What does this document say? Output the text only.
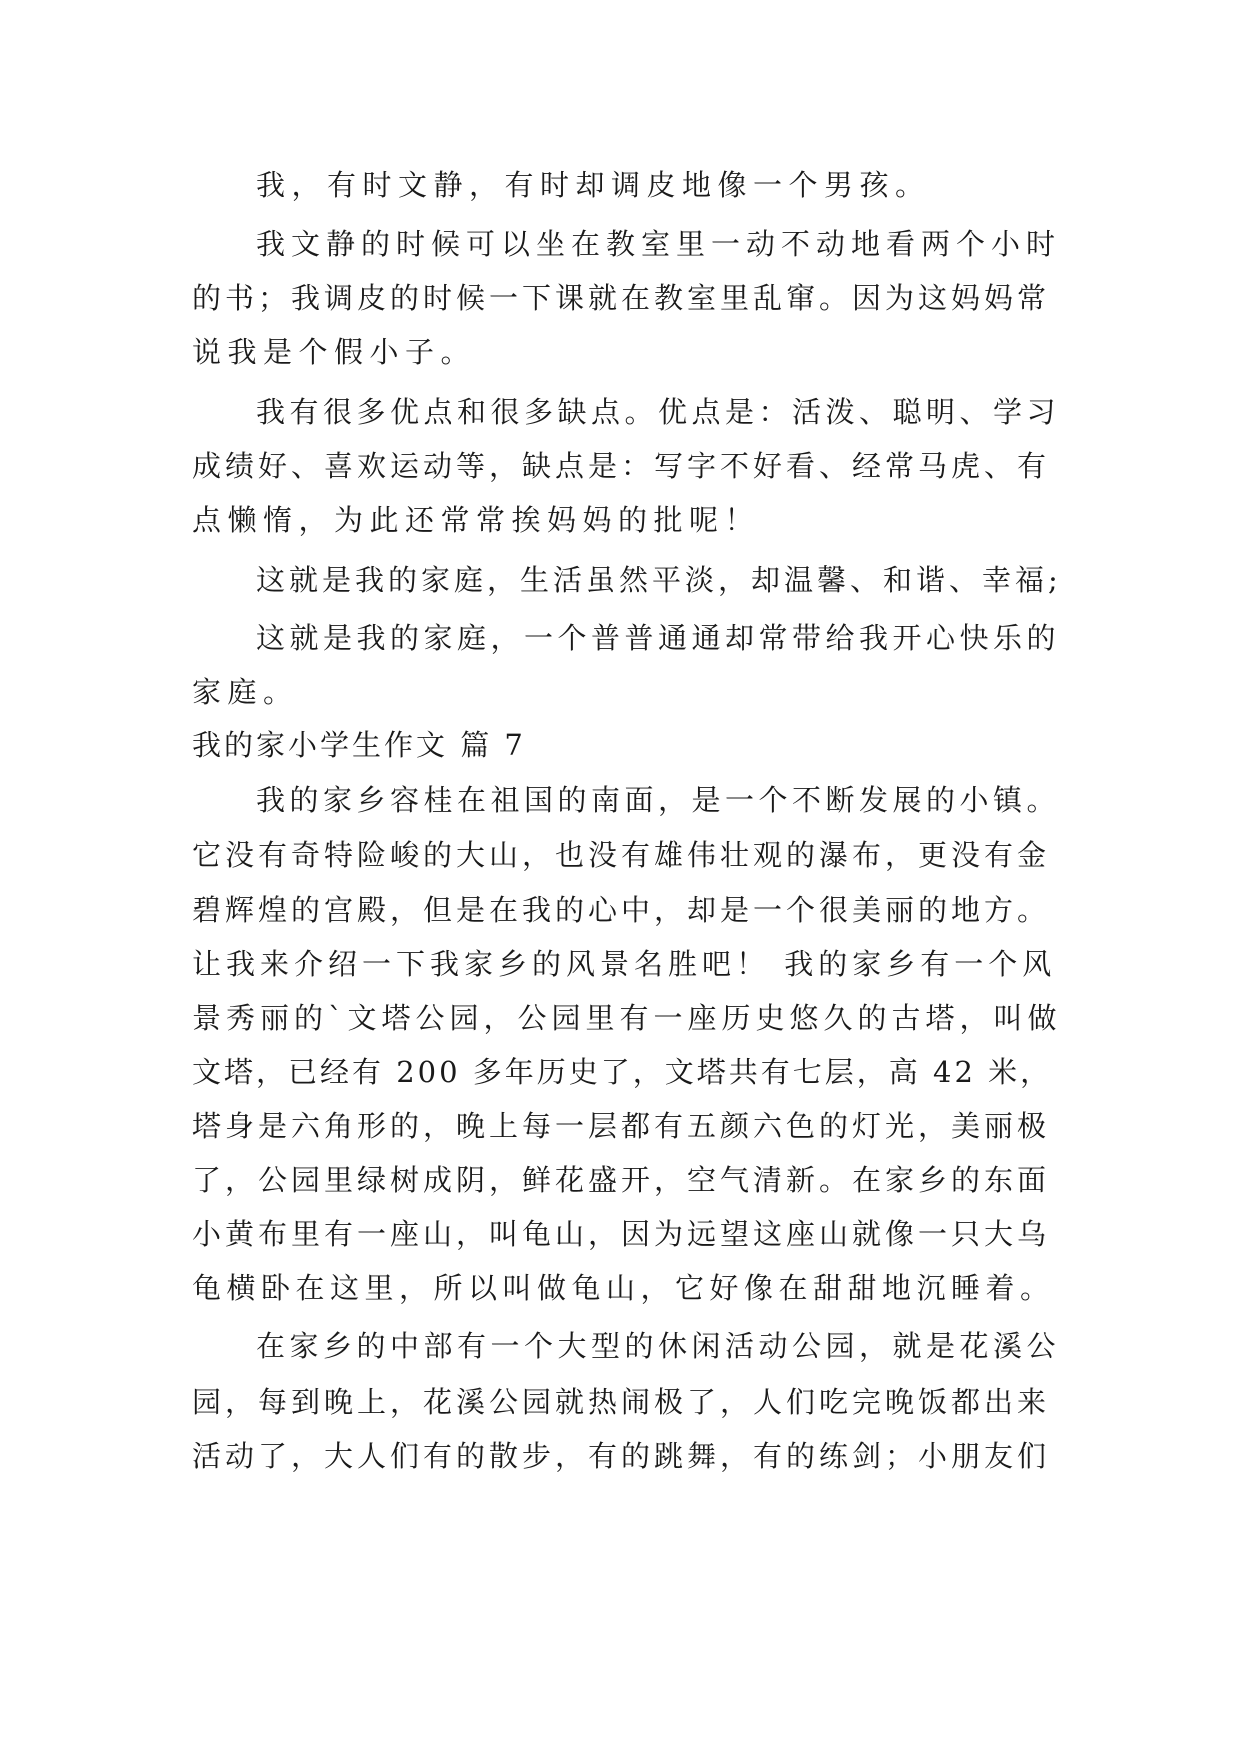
我，有时文静，有时却调皮地像一个男孩。
我文静的时候可以坐在教室里一动不动地看两个小时
的书；我调皮的时候一下课就在教室里乱窜。因为这妈妈常
说我是个假小子。
我有很多优点和很多缺点。优点是：活泼、聪明、学习
成绩好、喜欢运动等，缺点是：写字不好看、经常马虎、有
点懒惰，为此还常常挨妈妈的批呢！
这就是我的家庭，生活虽然平淡，却温馨、和谐、幸福;
这就是我的家庭，一个普普通通却常带给我开心快乐的
家庭。
我的家小学生作文 篇 7
我的家乡容桂在祖国的南面，是一个不断发展的小镇。
它没有奇特险峻的大山，也没有雄伟壮观的瀑布，更没有金
碧辉煌的宫殿，但是在我的心中，却是一个很美丽的地方。
让我来介绍一下我家乡的风景名胜吧！ 我的家乡有一个风
景秀丽的`文塔公园，公园里有一座历史悠久的古塔，叫做
文塔，已经有 200 多年历史了，文塔共有七层，高 42 米，
塔身是六角形的，晚上每一层都有五颜六色的灯光，美丽极
了，公园里绿树成阴，鲜花盛开，空气清新。在家乡的东面
小黄布里有一座山，叫龟山，因为远望这座山就像一只大乌
龟横卧在这里，所以叫做龟山，它好像在甜甜地沉睡着。
在家乡的中部有一个大型的休闲活动公园，就是花溪公
园，每到晚上，花溪公园就热闹极了，人们吃完晚饭都出来
活动了，大人们有的散步，有的跳舞，有的练剑；小朋友们
